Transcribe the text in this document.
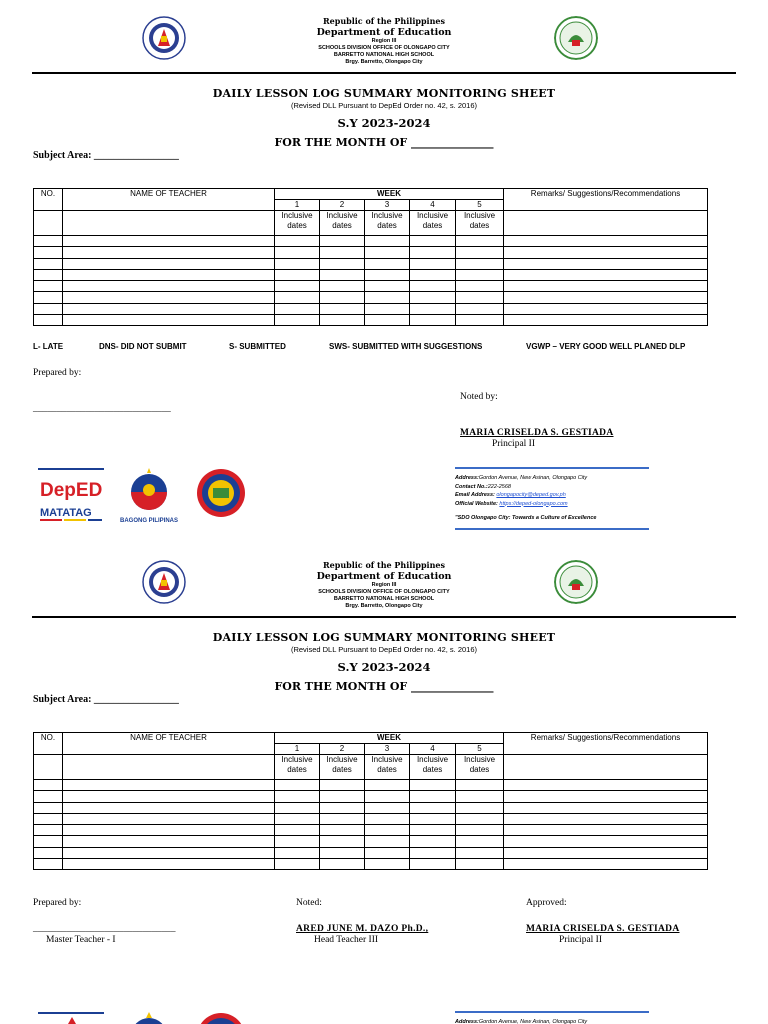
Republic of the Philippines
Department of Education
Region III
SCHOOLS DIVISION OFFICE OF OLONGAPO CITY
BARRETTO NATIONAL HIGH SCHOOL
Brgy. Barretto, Olongapo City
DAILY LESSON LOG SUMMARY MONITORING SHEET
(Revised DLL Pursuant to DepEd Order no. 42, s. 2016)
S.Y 2023-2024
FOR THE MONTH OF _______________
Subject Area: _________________
NO.	NAME OF TEACHER	WEEK					Remarks/ Suggestions/Recommendations
		1	2	3	4	5	
		Inclusive
dates	Inclusive
dates	Inclusive
dates	Inclusive
dates	Inclusive
dates	

L- LATE	DNS- DID NOT SUBMIT	S- SUBMITTED	SWS- SUBMITTED WITH SUGGESTIONS	VGWP – VERY GOOD WELL PLANED DLP
Prepared by:
_____________________________
Noted by:
MARIA CRISELDA S. GESTIADA
Principal II
DepED
MATATAG
BAGONG PILIPINAS
Address:Gordon Avenue, New Asinan, Olongapo City
Contact No.:222-2568
Email Address: olongapocity@deped.gov.ph
Official Website: https://deped-olongapo.com
"SDO Olongapo City: Towards a Culture of Excellence
Republic of the Philippines
Department of Education
Region III
SCHOOLS DIVISION OFFICE OF OLONGAPO CITY
BARRETTO NATIONAL HIGH SCHOOL
Brgy. Barretto, Olongapo City
DAILY LESSON LOG SUMMARY MONITORING SHEET
(Revised DLL Pursuant to DepEd Order no. 42, s. 2016)
S.Y 2023-2024
FOR THE MONTH OF _______________
Subject Area: _________________
NO.	NAME OF TEACHER	WEEK					Remarks/ Suggestions/Recommendations
		1	2	3	4	5	
		Inclusive
dates	Inclusive
dates	Inclusive
dates	Inclusive
dates	Inclusive
dates	

Prepared by:
______________________________
Master Teacher - I
Noted:
ARED JUNE M. DAZO Ph.D.,
Head Teacher III
Approved:
MARIA CRISELDA S. GESTIADA
Principal II
Address:Gordon Avenue, New Asinan, Olongapo City
